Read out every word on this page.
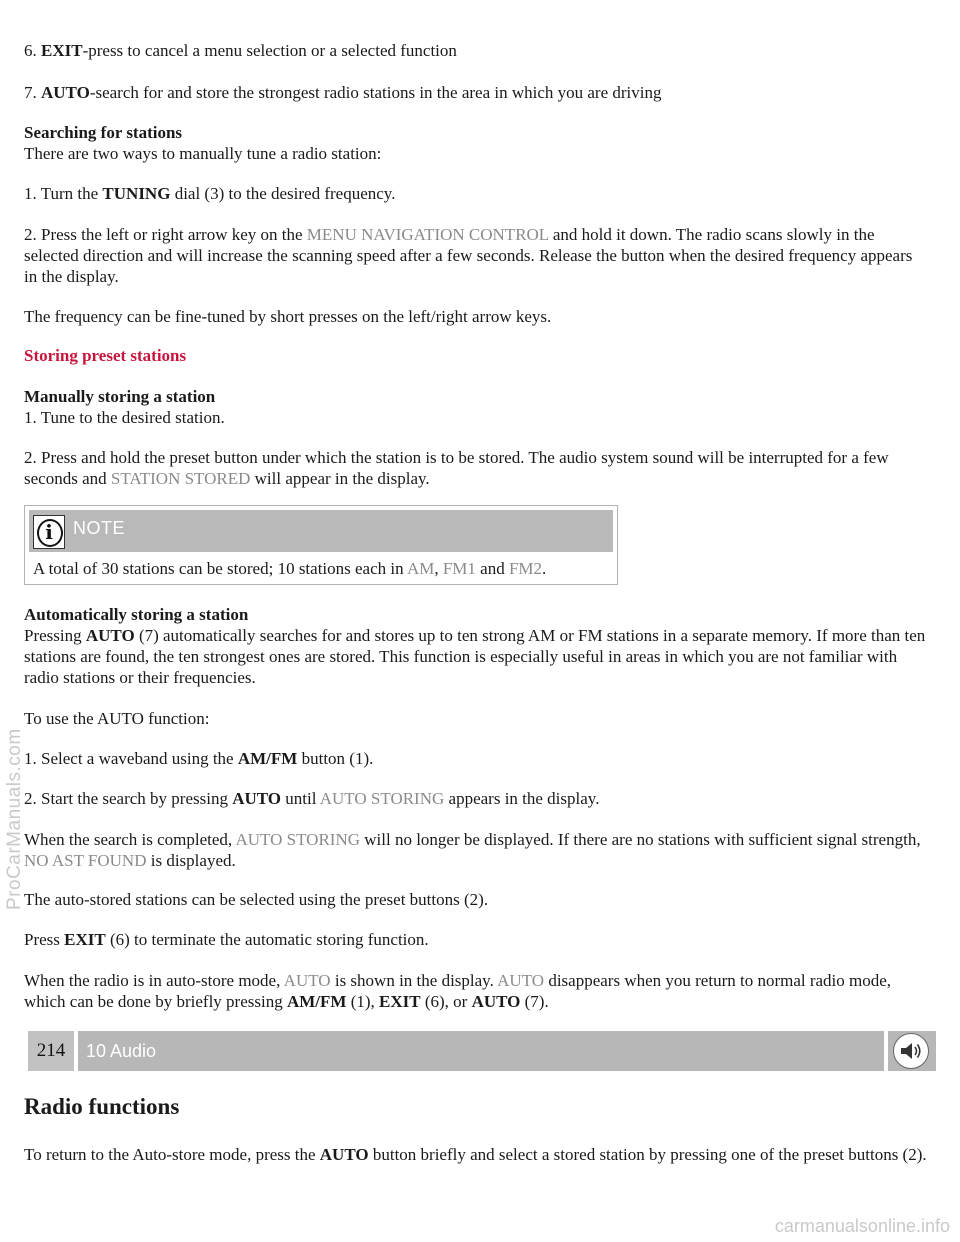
6. EXIT-press to cancel a menu selection or a selected function

7. AUTO-search for and store the strongest radio stations in the area in which you are driving

Searching for stations

There are two ways to manually tune a radio station:

1. Turn the TUNING dial (3) to the desired frequency.

2. Press the left or right arrow key on the MENU NAVIGATION CONTROL and hold it down. The radio scans slowly in the selected direction and will increase the scanning speed after a few seconds. Release the button when the desired frequency appears in the display.

The frequency can be fine-tuned by short presses on the left/right arrow keys.

Storing preset stations

Manually storing a station

1. Tune to the desired station.

2. Press and hold the preset button under which the station is to be stored. The audio system sound will be interrupted for a few seconds and STATION STORED will appear in the display.

i	NOTE
A total of 30 stations can be stored; 10 stations each in AM, FM1 and FM2.

Automatically storing a station

Pressing AUTO (7) automatically searches for and stores up to ten strong AM or FM stations in a separate memory. If more than ten stations are found, the ten strongest ones are stored. This function is especially useful in areas in which you are not familiar with radio stations or their frequencies.

To use the AUTO function:

1. Select a waveband using the AM/FM button (1).

2. Start the search by pressing AUTO until AUTO STORING appears in the display.

When the search is completed, AUTO STORING will no longer be displayed. If there are no stations with sufficient signal strength, NO AST FOUND is displayed.

The auto-stored stations can be selected using the preset buttons (2).

Press EXIT (6) to terminate the automatic storing function.

When the radio is in auto-store mode, AUTO is shown in the display. AUTO disappears when you return to normal radio mode, which can be done by briefly pressing AM/FM (1), EXIT (6), or AUTO (7).

214	10 Audio
Radio functions

To return to the Auto-store mode, press the AUTO button briefly and select a stored station by pressing one of the preset buttons (2).

ProCarManuals.com
carmanualsonline.info
